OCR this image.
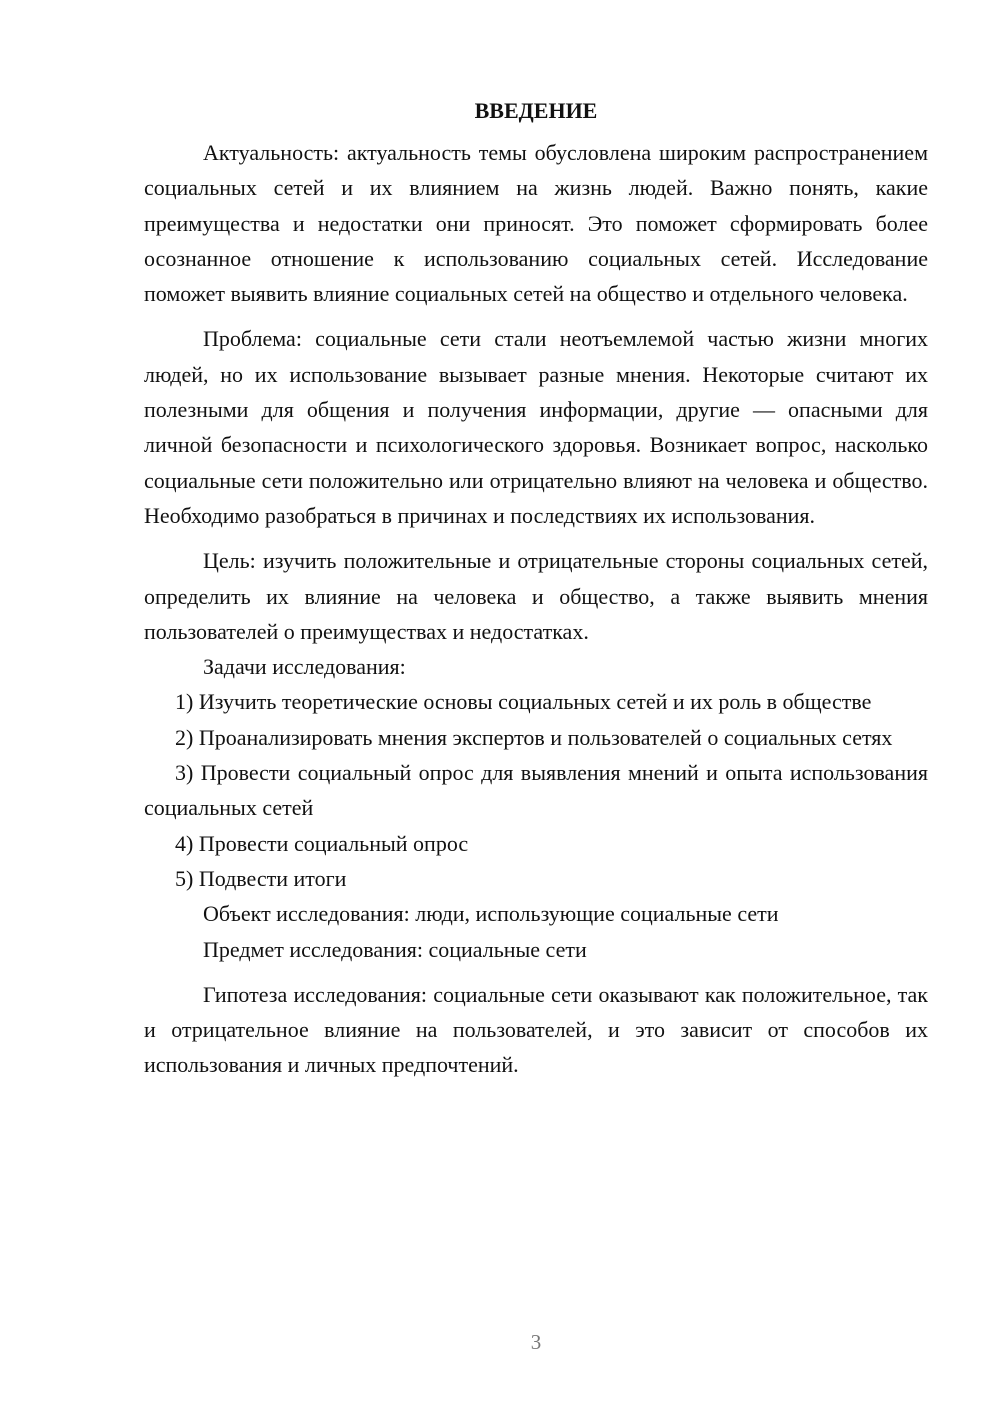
ВВЕДЕНИЕ

Актуальность: актуальность темы обусловлена широким распространением социальных сетей и их влиянием на жизнь людей. Важно понять, какие преимущества и недостатки они приносят. Это поможет сформировать более осознанное отношение к использованию социальных сетей. Исследование поможет выявить влияние социальных сетей на общество и отдельного человека.

Проблема: социальные сети стали неотъемлемой частью жизни многих людей, но их использование вызывает разные мнения. Некоторые считают их полезными для общения и получения информации, другие — опасными для личной безопасности и психологического здоровья. Возникает вопрос, насколько социальные сети положительно или отрицательно влияют на человека и общество. Необходимо разобраться в причинах и последствиях их использования.

Цель: изучить положительные и отрицательные стороны социальных сетей, определить их влияние на человека и общество, а также выявить мнения пользователей о преимуществах и недостатках.

Задачи исследования:

1) Изучить теоретические основы социальных сетей и их роль в обществе

2) Проанализировать мнения экспертов и пользователей о социальных сетях

3) Провести социальный опрос для выявления мнений и опыта использования социальных сетей

4) Провести социальный опрос

5) Подвести итоги

Объект исследования: люди, использующие социальные сети

Предмет исследования: социальные сети

Гипотеза исследования: социальные сети оказывают как положительное, так и отрицательное влияние на пользователей, и это зависит от способов их использования и личных предпочтений.

3
